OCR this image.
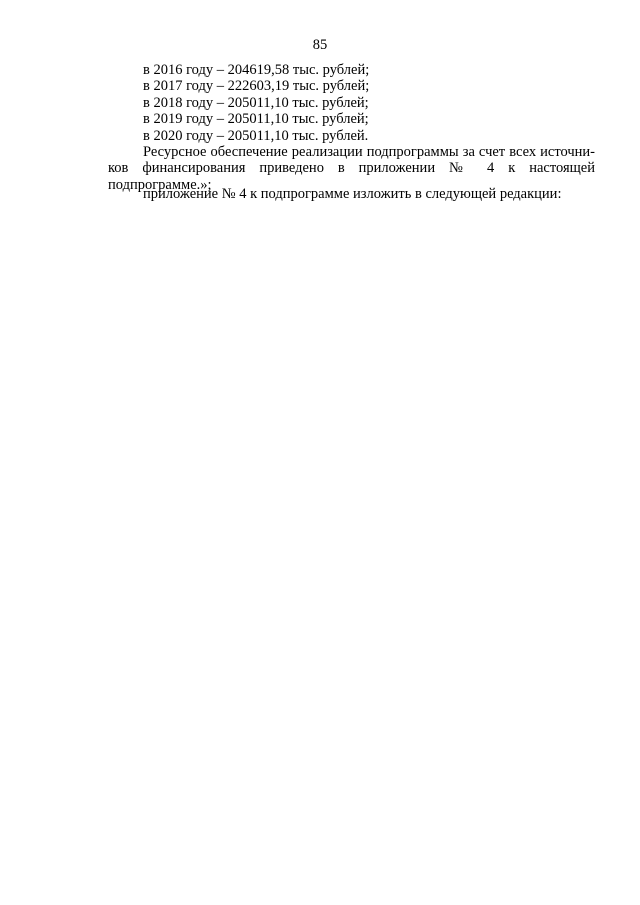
85
в 2016 году – 204619,58 тыс. рублей;
в 2017 году – 222603,19 тыс. рублей;
в 2018 году – 205011,10 тыс. рублей;
в 2019 году – 205011,10 тыс. рублей;
в 2020 году – 205011,10 тыс. рублей.
Ресурсное обеспечение реализации подпрограммы за счет всех источни-
ков финансирования приведено в приложении № 4 к настоящей подпрограмме.»;
приложение № 4 к подпрограмме изложить в следующей редакции:
